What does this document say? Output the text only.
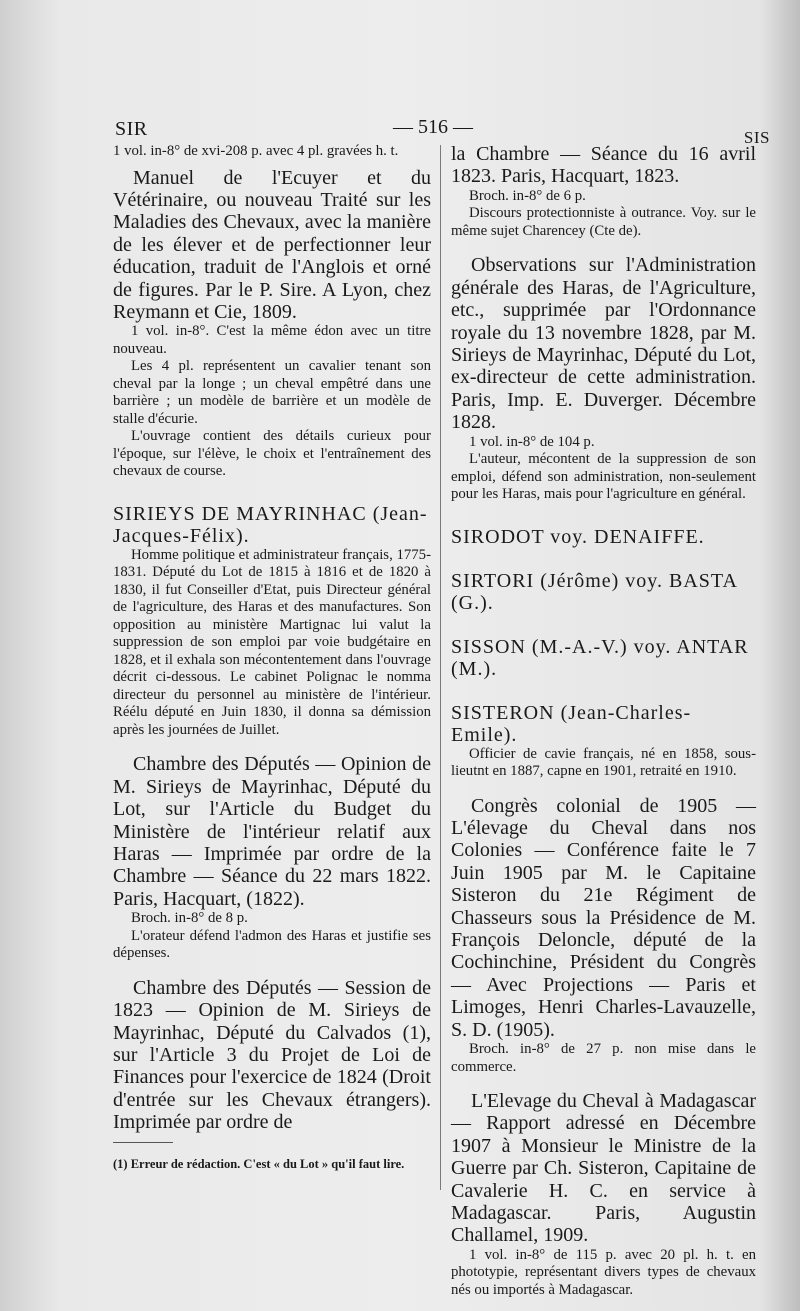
SIR	— 516 —	SIS

1 vol. in-8° de xvi-208 p. avec 4 pl. gravées h. t.

Manuel de l'Ecuyer et du Vétérinaire, ou nouveau Traité sur les Maladies des Chevaux, avec la manière de les élever et de perfectionner leur éducation, traduit de l'Anglois et orné de figures. Par le P. Sire. A Lyon, chez Reymann et Cie, 1809.

1 vol. in-8°. C'est la même édon avec un titre nouveau.

Les 4 pl. représentent un cavalier tenant son cheval par la longe ; un cheval empêtré dans une barrière ; un modèle de barrière et un modèle de stalle d'écurie.

L'ouvrage contient des détails curieux pour l'époque, sur l'élève, le choix et l'entraînement des chevaux de course.

SIRIEYS DE MAYRINHAC (Jean-Jacques-Félix).

Homme politique et administrateur français, 1775-1831. Député du Lot de 1815 à 1816 et de 1820 à 1830, il fut Conseiller d'Etat, puis Directeur général de l'agriculture, des Haras et des manufactures. Son opposition au ministère Martignac lui valut la suppression de son emploi par voie budgétaire en 1828, et il exhala son mécontentement dans l'ouvrage décrit ci-dessous. Le cabinet Polignac le nomma directeur du personnel au ministère de l'intérieur. Réélu député en Juin 1830, il donna sa démission après les journées de Juillet.

Chambre des Députés — Opinion de M. Sirieys de Mayrinhac, Député du Lot, sur l'Article du Budget du Ministère de l'intérieur relatif aux Haras — Imprimée par ordre de la Chambre — Séance du 22 mars 1822. Paris, Hacquart, (1822).

Broch. in-8° de 8 p.

L'orateur défend l'admon des Haras et justifie ses dépenses.

Chambre des Députés — Session de 1823 — Opinion de M. Sirieys de Mayrinhac, Député du Calvados (1), sur l'Article 3 du Projet de Loi de Finances pour l'exercice de 1824 (Droit d'entrée sur les Chevaux étrangers). Imprimée par ordre de

(1) Erreur de rédaction. C'est « du Lot » qu'il faut lire.

la Chambre — Séance du 16 avril 1823. Paris, Hacquart, 1823.

Broch. in-8° de 6 p.

Discours protectionniste à outrance. Voy. sur le même sujet Charencey (Cte de).

Observations sur l'Administration générale des Haras, de l'Agriculture, etc., supprimée par l'Ordonnance royale du 13 novembre 1828, par M. Sirieys de Mayrinhac, Député du Lot, ex-directeur de cette administration. Paris, Imp. E. Duverger. Décembre 1828.

1 vol. in-8° de 104 p.

L'auteur, mécontent de la suppression de son emploi, défend son administration, non-seulement pour les Haras, mais pour l'agriculture en général.

SIRODOT voy. DENAIFFE.

SIRTORI (Jérôme) voy. BASTA (G.).

SISSON (M.-A.-V.) voy. ANTAR (M.).

SISTERON (Jean-Charles-Emile).

Officier de cavie français, né en 1858, sous-lieutnt en 1887, capne en 1901, retraité en 1910.

Congrès colonial de 1905 — L'élevage du Cheval dans nos Colonies — Conférence faite le 7 Juin 1905 par M. le Capitaine Sisteron du 21e Régiment de Chasseurs sous la Présidence de M. François Deloncle, député de la Cochinchine, Président du Congrès — Avec Projections — Paris et Limoges, Henri Charles-Lavauzelle, S. D. (1905).

Broch. in-8° de 27 p. non mise dans le commerce.

L'Elevage du Cheval à Madagascar — Rapport adressé en Décembre 1907 à Monsieur le Ministre de la Guerre par Ch. Sisteron, Capitaine de Cavalerie H. C. en service à Madagascar. Paris, Augustin Challamel, 1909.

1 vol. in-8° de 115 p. avec 20 pl. h. t. en phototypie, représentant divers types de chevaux nés ou importés à Madagascar.
